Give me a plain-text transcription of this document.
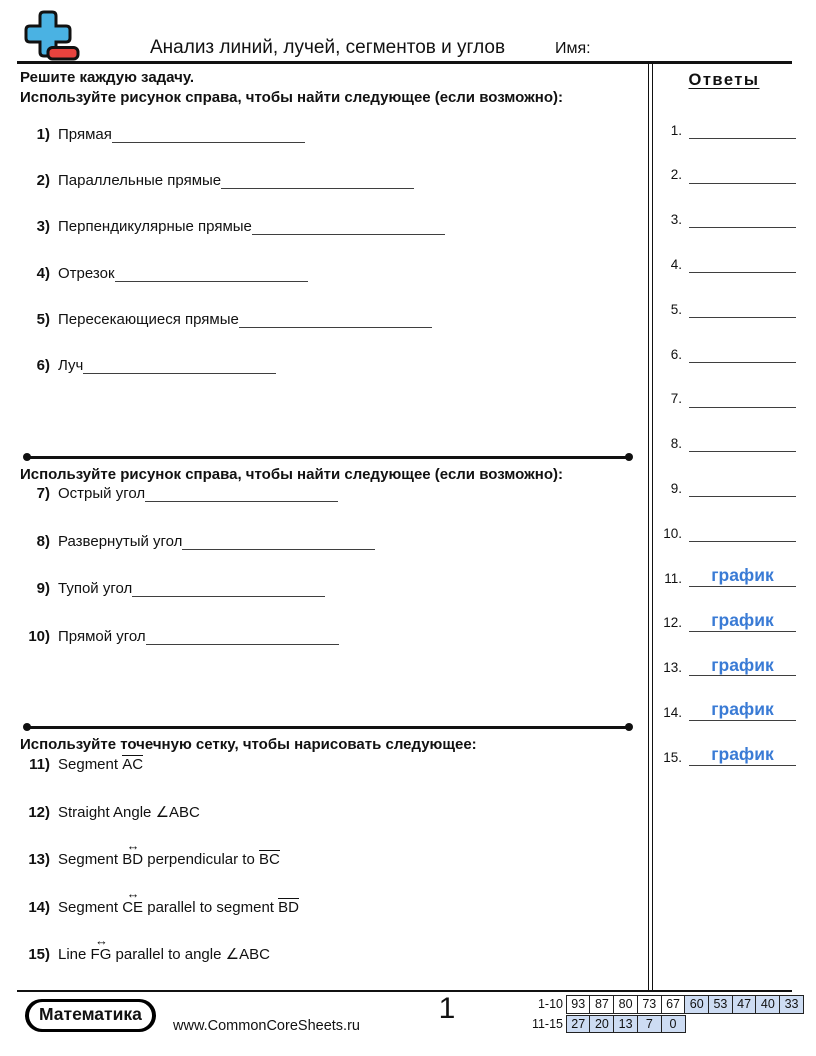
Анализ линий, лучей, сегментов и углов	Имя:

Решите каждую задачу.

Используйте рисунок справа, чтобы найти следующее (если возможно):

1) Прямая
2) Параллельные прямые
3) Перпендикулярные прямые
4) Отрезок
5) Пересекающиеся прямые
6) Луч

Используйте рисунок справа, чтобы найти следующее (если возможно):

7) Острый угол
8) Развернутый угол
9) Тупой угол
10) Прямой угол

Используйте точечную сетку, чтобы нарисовать следующее:

11) Segment AC
12) Straight Angle ∠ABC
13) Segment
↔
BD perpendicular to BC
14) Segment
↔
CE parallel to segment BD
15) Line
↔
FG parallel to angle ∠ABC
Ответы
1.
2.
3.
4.
5.
6.
7.
8.
9.
10.
11.	график
12.	график
13.	график
14.	график
15.	график
Математика
www.CommonCoreSheets.ru
1	1-10 93 87 80 73 67 60 53 47 40 33
11-15 27 20 13	7	0
